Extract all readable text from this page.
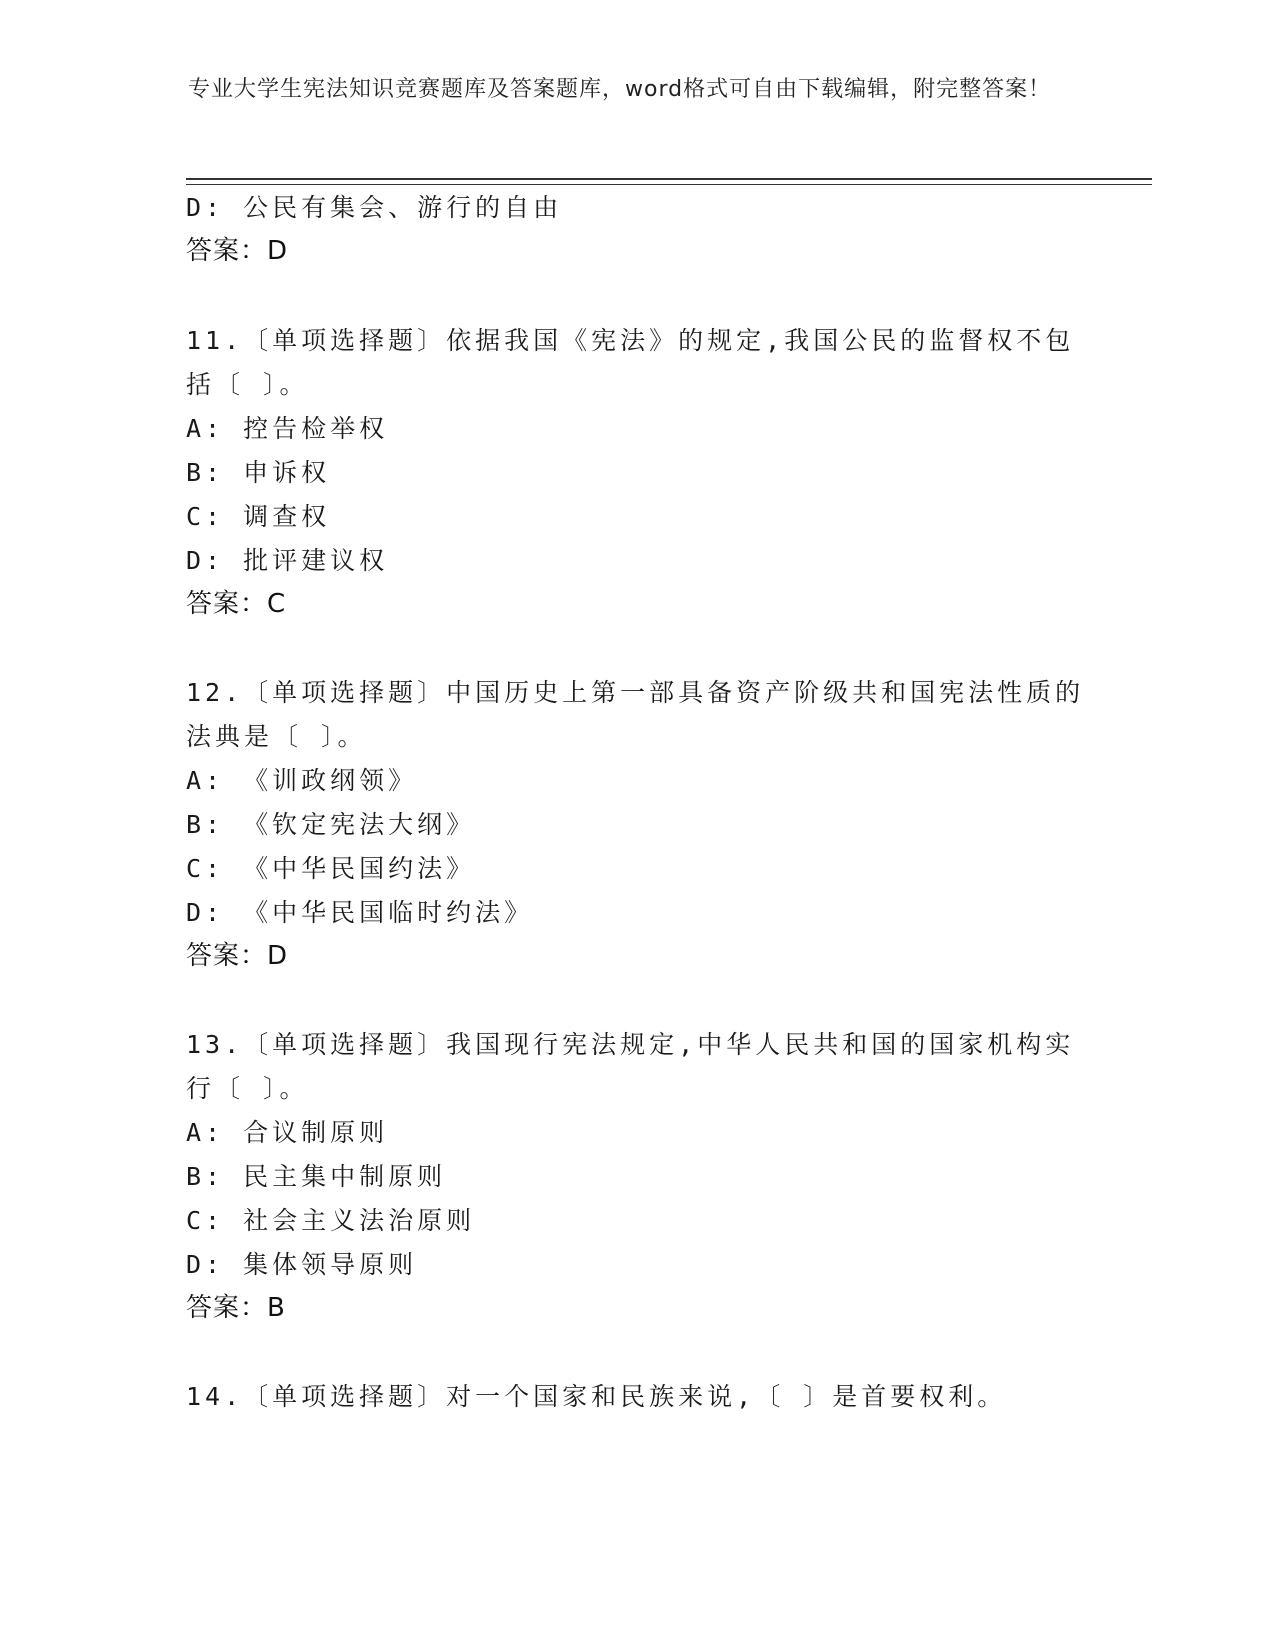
专业大学生宪法知识竞赛题库及答案题库，word格式可自由下载编辑，附完整答案！
D: 公民有集会、游行的自由
答案：D
11.〔单项选择题〕依据我国《宪法》的规定,我国公民的监督权不包
括〔 〕。
A: 控告检举权
B: 申诉权
C: 调查权
D: 批评建议权
答案：C
12.〔单项选择题〕中国历史上第一部具备资产阶级共和国宪法性质的
法典是〔 〕。
A: 《训政纲领》
B: 《钦定宪法大纲》
C: 《中华民国约法》
D: 《中华民国临时约法》
答案：D
13.〔单项选择题〕我国现行宪法规定,中华人民共和国的国家机构实
行〔 〕。
A: 合议制原则
B: 民主集中制原则
C: 社会主义法治原则
D: 集体领导原则
答案：B
14.〔单项选择题〕对一个国家和民族来说,〔 〕是首要权利。
